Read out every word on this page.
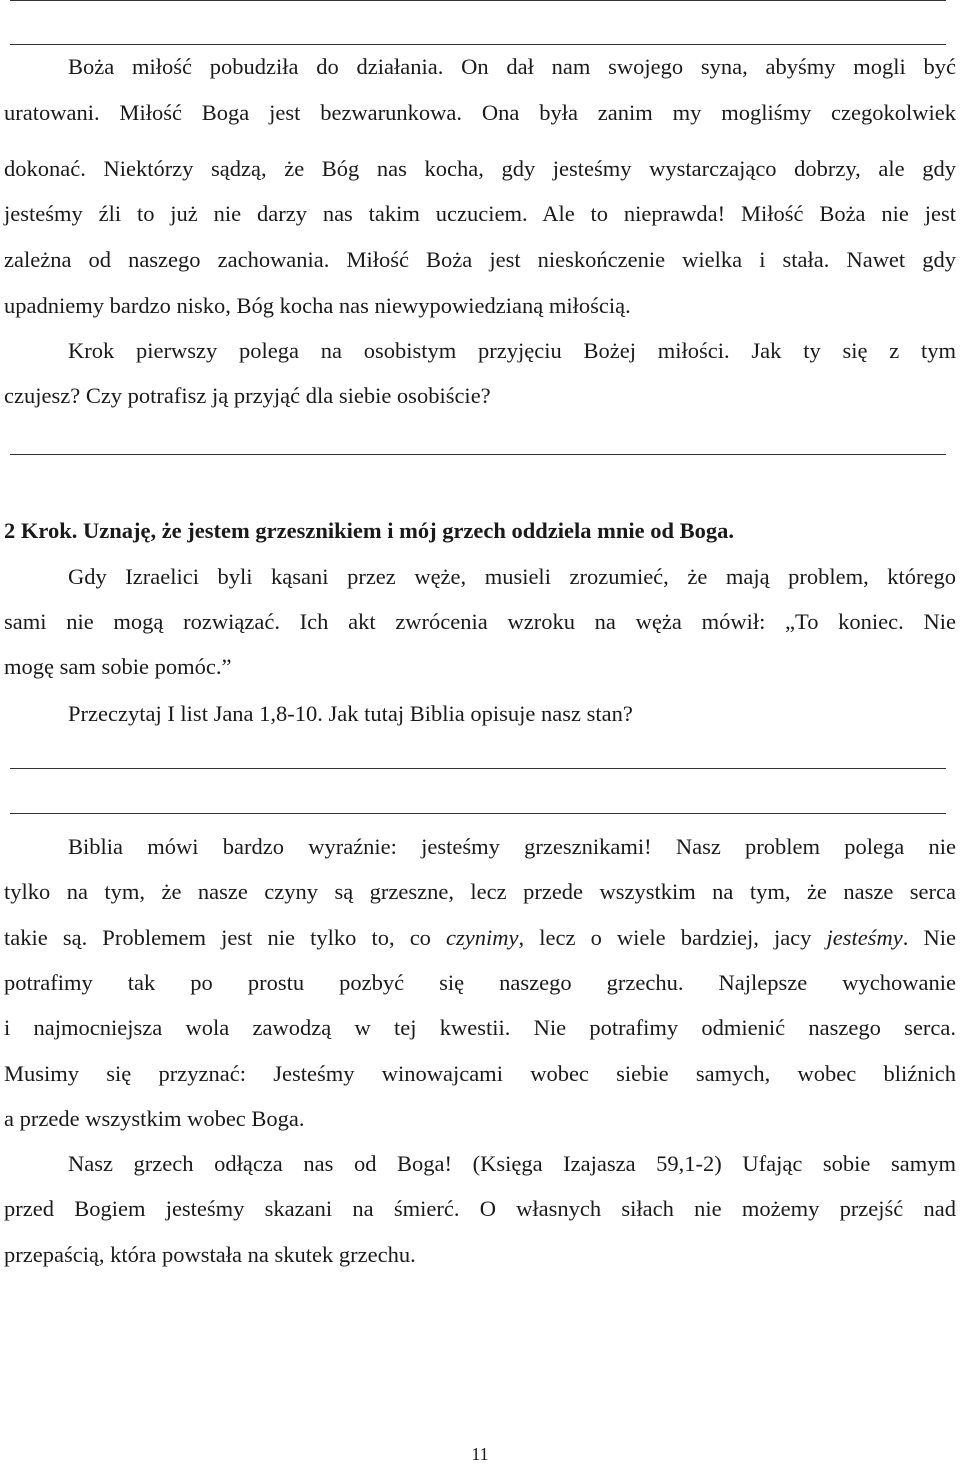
Boża miłość pobudziła do działania. On dał nam swojego syna, abyśmy mogli być
uratowani. Miłość Boga jest bezwarunkowa. Ona była zanim my mogliśmy czegokolwiek
dokonać. Niektórzy sądzą, że Bóg nas kocha, gdy jesteśmy wystarczająco dobrzy, ale gdy
jesteśmy źli to już nie darzy nas takim uczuciem. Ale to nieprawda! Miłość Boża nie jest
zależna od naszego zachowania. Miłość Boża jest nieskończenie wielka i stała. Nawet gdy
upadniemy bardzo nisko, Bóg kocha nas niewypowiedzianą miłością.
Krok pierwszy polega na osobistym przyjęciu Bożej miłości. Jak ty się z tym
czujesz? Czy potrafisz ją przyjąć dla siebie osobiście?
2 Krok. Uznaję, że jestem grzesznikiem i mój grzech oddziela mnie od Boga.
Gdy Izraelici byli kąsani przez węże, musieli zrozumieć, że mają problem, którego
sami nie mogą rozwiązać. Ich akt zwrócenia wzroku na węża mówił: „To koniec. Nie
mogę sam sobie pomóc.”
Przeczytaj I list Jana 1,8-10. Jak tutaj Biblia opisuje nasz stan?
Biblia mówi bardzo wyraźnie: jesteśmy grzesznikami! Nasz problem polega nie
tylko na tym, że nasze czyny są grzeszne, lecz przede wszystkim na tym, że nasze serca
takie są. Problemem jest nie tylko to, co czynimy, lecz o wiele bardziej, jacy jesteśmy. Nie
potrafimy tak po prostu pozbyć się naszego grzechu. Najlepsze wychowanie
i najmocniejsza wola zawodzą w tej kwestii. Nie potrafimy odmienić naszego serca.
Musimy się przyznać: Jesteśmy winowajcami wobec siebie samych, wobec bliźnich
a przede wszystkim wobec Boga.
Nasz grzech odłącza nas od Boga! (Księga Izajasza 59,1-2) Ufając sobie samym
przed Bogiem jesteśmy skazani na śmierć. O własnych siłach nie możemy przejść nad
przepaścią, która powstała na skutek grzechu.
11
